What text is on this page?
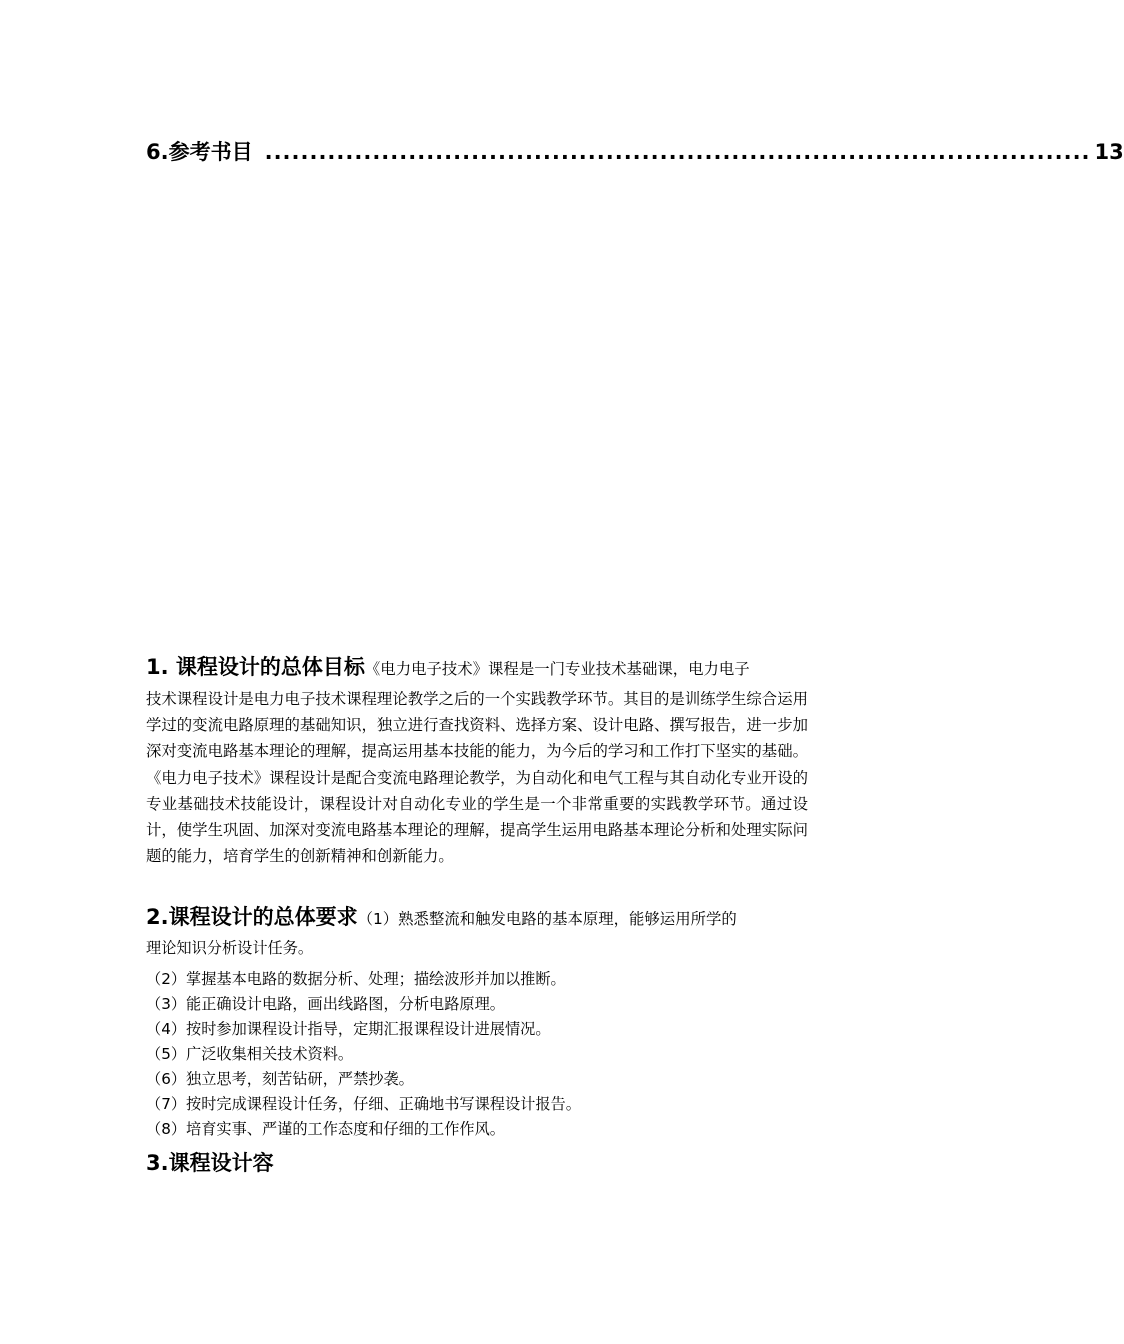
6.参考书目 ............................................................................................ 13

1. 课程设计的总体目标《电力电子技术》课程是一门专业技术基础课，电力电子

技术课程设计是电力电子技术课程理论教学之后的一个实践教学环节。其目的是训练学生综合运用学过的变流电路原理的基础知识，独立进行查找资料、选择方案、设计电路、撰写报告，进一步加深对变流电路基本理论的理解，提高运用基本技能的能力，为今后的学习和工作打下坚实的基础。《电力电子技术》课程设计是配合变流电路理论教学，为自动化和电气工程与其自动化专业开设的专业基础技术技能设计，课程设计对自动化专业的学生是一个非常重要的实践教学环节。通过设计，使学生巩固、加深对变流电路基本理论的理解，提高学生运用电路基本理论分析和处理实际问题的能力，培育学生的创新精神和创新能力。

2.课程设计的总体要求（1）熟悉整流和触发电路的基本原理，能够运用所学的

理论知识分析设计任务。

（2）掌握基本电路的数据分析、处理；描绘波形并加以推断。

（3）能正确设计电路，画出线路图，分析电路原理。

（4）按时参加课程设计指导，定期汇报课程设计进展情况。

（5）广泛收集相关技术资料。

（6）独立思考，刻苦钻研，严禁抄袭。

（7）按时完成课程设计任务，仔细、正确地书写课程设计报告。

（8）培育实事、严谨的工作态度和仔细的工作作风。

3.课程设计容
